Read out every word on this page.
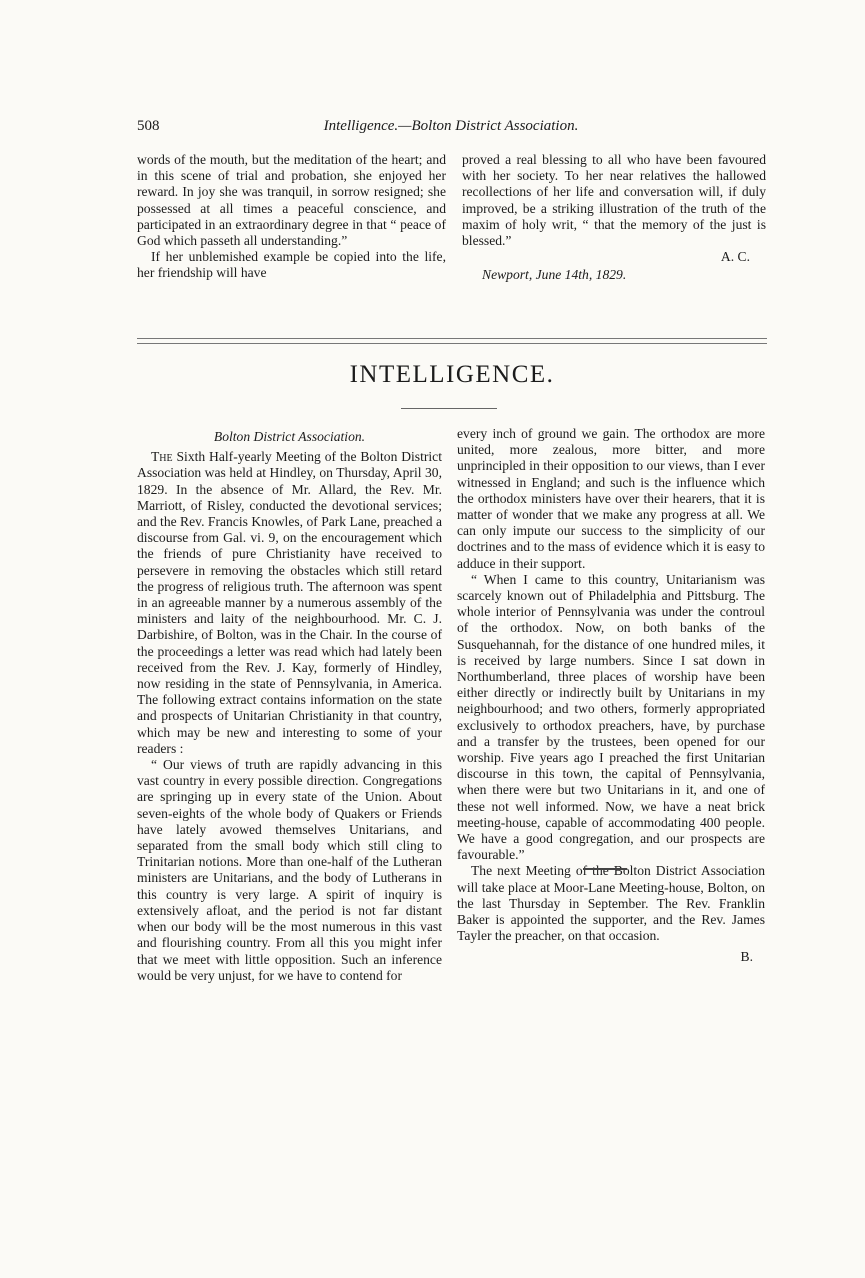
508	Intelligence.—Bolton District Association.

words of the mouth, but the meditation of the heart; and in this scene of trial and probation, she enjoyed her reward. In joy she was tranquil, in sorrow resigned; she possessed at all times a peaceful conscience, and participated in an extraordinary degree in that “ peace of God which passeth all understanding.”

If her unblemished example be copied into the life, her friendship will have

proved a real blessing to all who have been favoured with her society. To her near relatives the hallowed recollections of her life and conversation will, if duly improved, be a striking illustration of the truth of the maxim of holy writ, “ that the memory of the just is blessed.”

A. C.

Newport, June 14th, 1829.

INTELLIGENCE.

Bolton District Association.

The Sixth Half-yearly Meeting of the Bolton District Association was held at Hindley, on Thursday, April 30, 1829. In the absence of Mr. Allard, the Rev. Mr. Marriott, of Risley, conducted the devotional services; and the Rev. Francis Knowles, of Park Lane, preached a discourse from Gal. vi. 9, on the encouragement which the friends of pure Christianity have received to persevere in removing the obstacles which still retard the progress of religious truth. The afternoon was spent in an agreeable manner by a numerous assembly of the ministers and laity of the neighbourhood. Mr. C. J. Darbishire, of Bolton, was in the Chair. In the course of the proceedings a letter was read which had lately been received from the Rev. J. Kay, formerly of Hindley, now residing in the state of Pennsylvania, in America. The following extract contains information on the state and prospects of Unitarian Christianity in that country, which may be new and interesting to some of your readers :

“ Our views of truth are rapidly advancing in this vast country in every possible direction. Congregations are springing up in every state of the Union. About seven-eights of the whole body of Quakers or Friends have lately avowed themselves Unitarians, and separated from the small body which still cling to Trinitarian notions. More than one-half of the Lutheran ministers are Unitarians, and the body of Lutherans in this country is very large. A spirit of inquiry is extensively afloat, and the period is not far distant when our body will be the most numerous in this vast and flourishing country. From all this you might infer that we meet with little opposition. Such an inference would be very unjust, for we have to contend for

every inch of ground we gain. The orthodox are more united, more zealous, more bitter, and more unprincipled in their opposition to our views, than I ever witnessed in England; and such is the influence which the orthodox ministers have over their hearers, that it is matter of wonder that we make any progress at all. We can only impute our success to the simplicity of our doctrines and to the mass of evidence which it is easy to adduce in their support.

“ When I came to this country, Unitarianism was scarcely known out of Philadelphia and Pittsburg. The whole interior of Pennsylvania was under the controul of the orthodox. Now, on both banks of the Susquehannah, for the distance of one hundred miles, it is received by large numbers. Since I sat down in Northumberland, three places of worship have been either directly or indirectly built by Unitarians in my neighbourhood; and two others, formerly appropriated exclusively to orthodox preachers, have, by purchase and a transfer by the trustees, been opened for our worship. Five years ago I preached the first Unitarian discourse in this town, the capital of Pennsylvania, when there were but two Unitarians in it, and one of these not well informed. Now, we have a neat brick meeting-house, capable of accommodating 400 people. We have a good congregation, and our prospects are favourable.”

The next Meeting of the Bolton District Association will take place at Moor-Lane Meeting-house, Bolton, on the last Thursday in September. The Rev. Franklin Baker is appointed the supporter, and the Rev. James Tayler the preacher, on that occasion.

B.
